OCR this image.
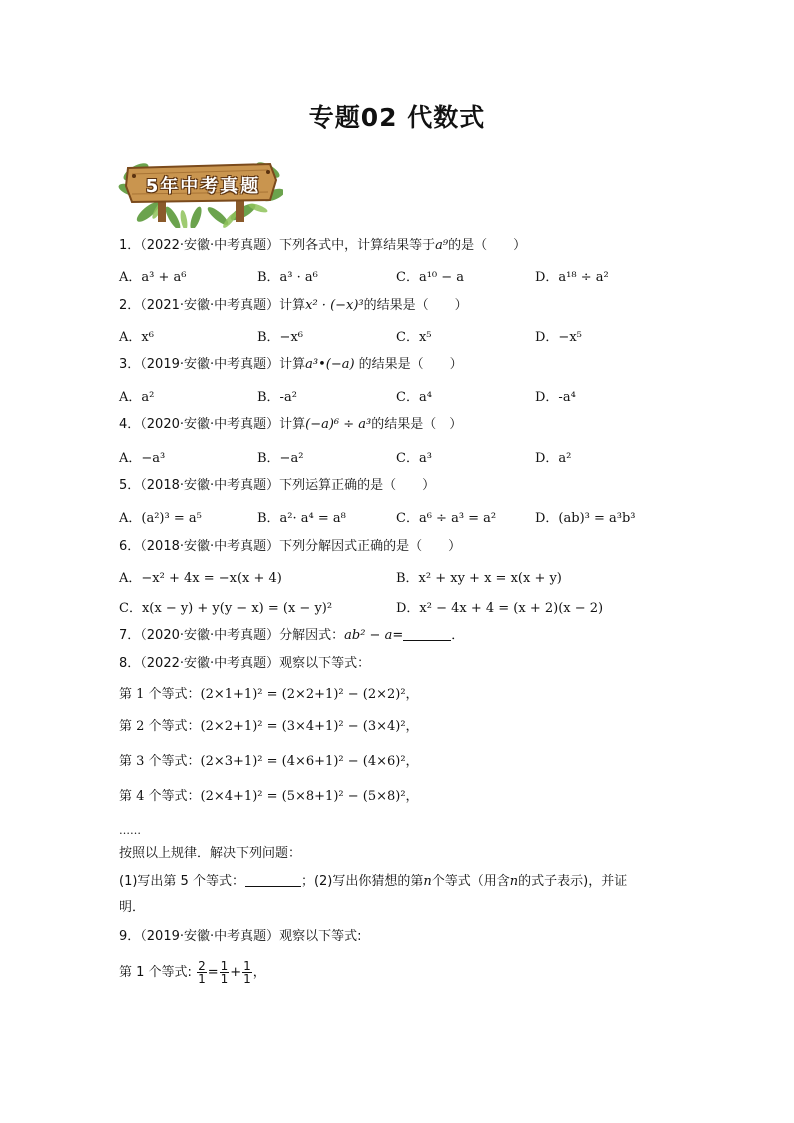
专题02 代数式
5年中考真题
1．（2022·安徽·中考真题）下列各式中，计算结果等于a⁹的是（　　）
A．a³ + a⁶	B．a³ · a⁶	C．a¹⁰ − a	D．a¹⁸ ÷ a²
2．（2021·安徽·中考真题）计算x² · (−x)³的结果是（　　）
A．x⁶	B．−x⁶	C．x⁵	D．−x⁵
3．（2019·安徽·中考真题）计算a³•(−a) 的结果是（　　）
A．a²	B．-a²	C．a⁴	D．-a⁴
4．（2020·安徽·中考真题）计算(−a)⁶ ÷ a³的结果是（　）
A．−a³	B．−a²	C．a³	D．a²
5．（2018·安徽·中考真题）下列运算正确的是（　　）
A．(a²)³ = a⁵	B．a²· a⁴ = a⁸	C．a⁶ ÷ a³ = a²	D．(ab)³ = a³b³
6．（2018·安徽·中考真题）下列分解因式正确的是（　　）
A．−x² + 4x = −x(x + 4)	B．x² + xy + x = x(x + y)
C．x(x − y) + y(y − x) = (x − y)²	D．x² − 4x + 4 = (x + 2)(x − 2)
7．（2020·安徽·中考真题）分解因式：ab² − a=	．
8．（2022·安徽·中考真题）观察以下等式：
第 1 个等式：(2×1+1)² = (2×2+1)² − (2×2)²，
第 2 个等式：(2×2+1)² = (3×4+1)² − (3×4)²，
第 3 个等式：(2×3+1)² = (4×6+1)² − (4×6)²，
第 4 个等式：(2×4+1)² = (5×8+1)² − (5×8)²，
……
按照以上规律．解决下列问题：
(1)写出第 5 个等式：	；(2)写出你猜想的第n个等式（用含n的式子表示)，并证
明．
9．（2019·安徽·中考真题）观察以下等式:
第 1 个等式: $\frac{2}{1} = \frac{1}{1} + \frac{1}{1}$ ，
